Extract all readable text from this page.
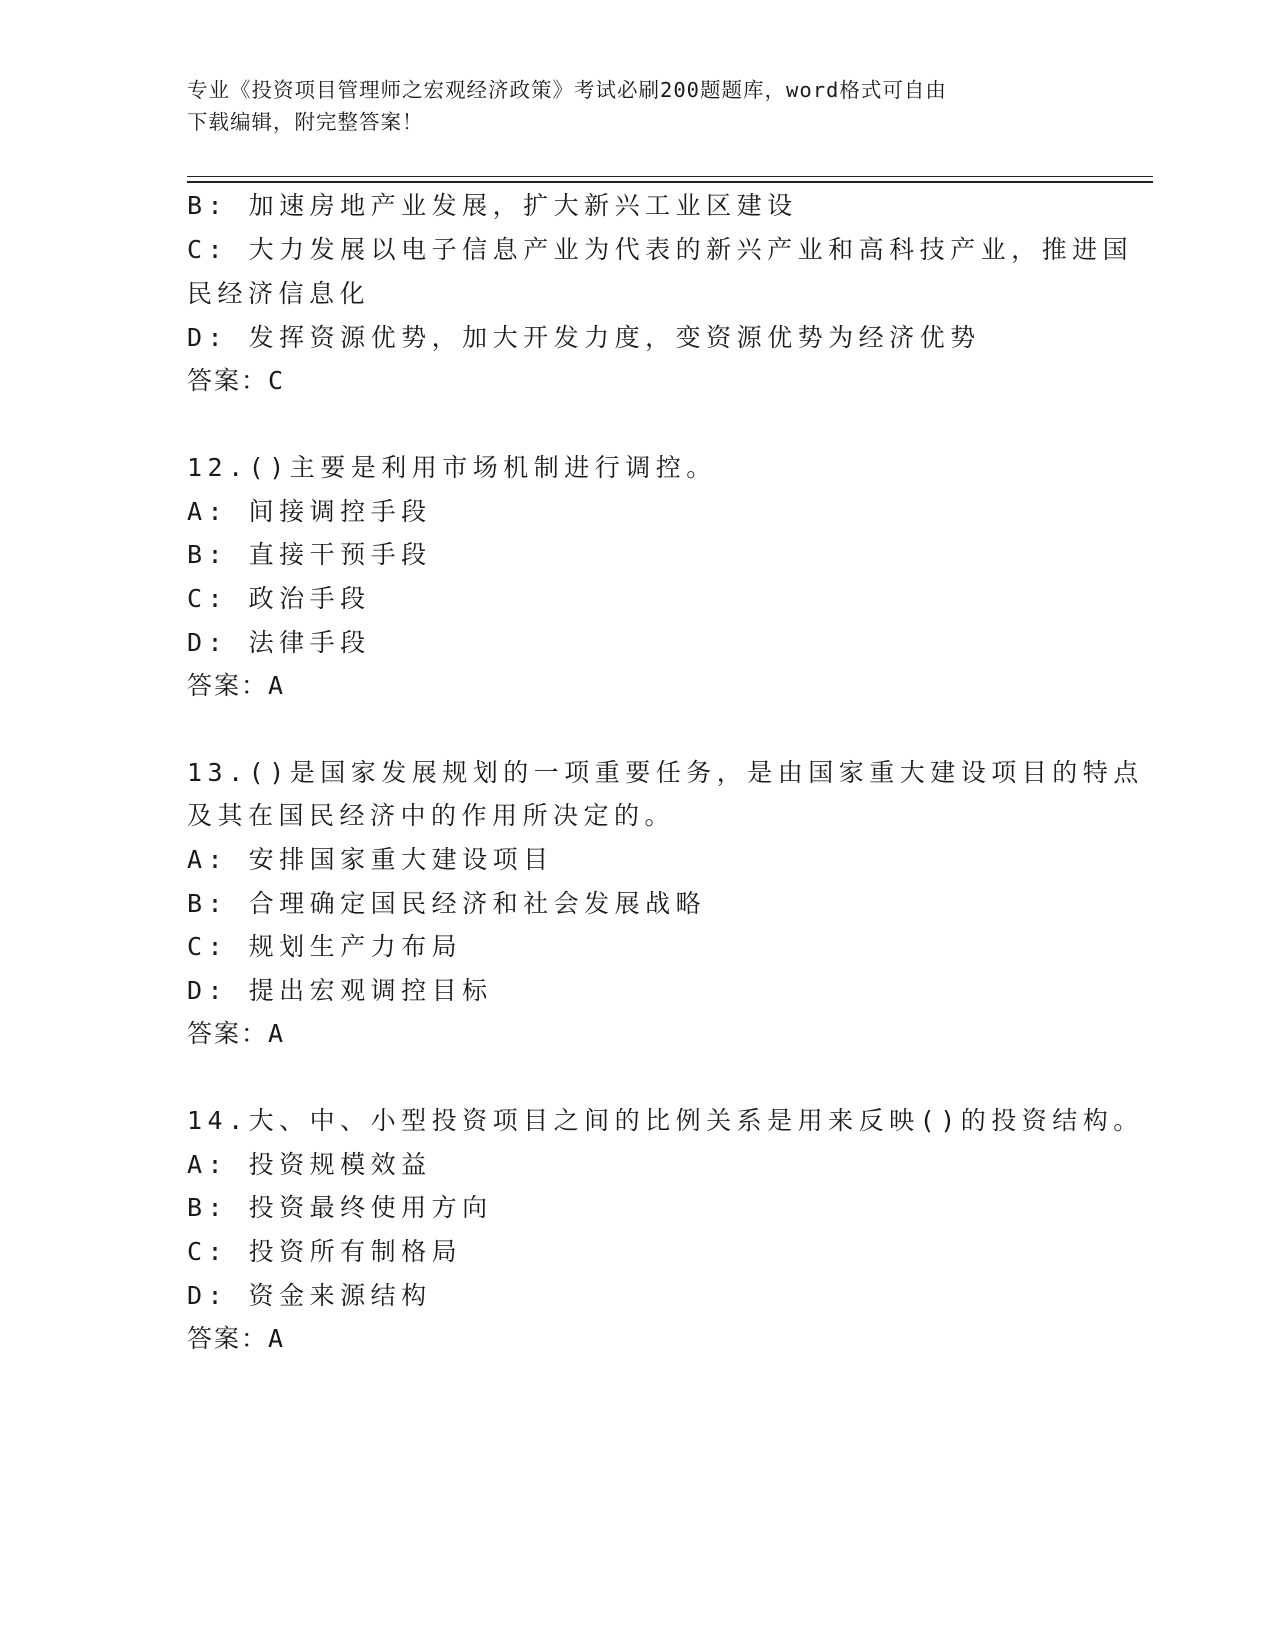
专业《投资项目管理师之宏观经济政策》考试必刷200题题库，word格式可自由
下载编辑，附完整答案！
B: 加速房地产业发展，扩大新兴工业区建设
C: 大力发展以电子信息产业为代表的新兴产业和高科技产业，推进国
民经济信息化
D: 发挥资源优势，加大开发力度，变资源优势为经济优势
答案：C
12.()主要是利用市场机制进行调控。
A: 间接调控手段
B: 直接干预手段
C: 政治手段
D: 法律手段
答案：A
13.()是国家发展规划的一项重要任务，是由国家重大建设项目的特点
及其在国民经济中的作用所决定的。
A: 安排国家重大建设项目
B: 合理确定国民经济和社会发展战略
C: 规划生产力布局
D: 提出宏观调控目标
答案：A
14.大、中、小型投资项目之间的比例关系是用来反映()的投资结构。
A: 投资规模效益
B: 投资最终使用方向
C: 投资所有制格局
D: 资金来源结构
答案：A
